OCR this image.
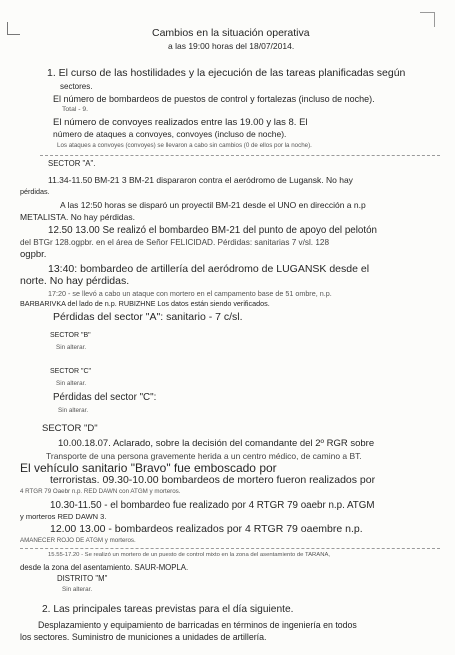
Cambios en la situación operativa
a las 19:00 horas del 18/07/2014.
1. El curso de las hostilidades y la ejecución de las tareas planificadas según
sectores.
El número de bombardeos de puestos de control y fortalezas (incluso de noche).
Total - 9.
El número de convoyes realizados entre las 19.00 y las 8. El
número de ataques a convoyes, convoyes (incluso de noche).
Los ataques a convoyes (convoyes) se llevaron a cabo sin cambios (0 de ellos por la noche).
SECTOR "A".
11.34-11.50 BM-21 3 BM-21 dispararon contra el aeródromo de Lugansk. No hay
pérdidas.
A las 12:50 horas se disparó un proyectil BM-21 desde el UNO en dirección a n.p
METALISTA. No hay pérdidas.
12.50 13.00 Se realizó el bombardeo BM-21 del punto de apoyo del pelotón
del BTGr 128.ogpbr. en el área de Señor FELICIDAD. Pérdidas: sanitarias 7 v/sl. 128
ogpbr.
13:40: bombardeo de artillería del aeródromo de LUGANSK desde el
norte. No hay pérdidas.
17:20 - se llevó a cabo un ataque con mortero en el campamento base de 51 ombre, n.p.
BARBARIVKA del lado de n.p. RUBIZHNE Los datos están siendo verificados.
Pérdidas del sector "A": sanitario - 7 c/sl.
SECTOR "B"
Sin alterar.
SECTOR "C"
Sin alterar.
Pérdidas del sector "C":
Sin alterar.
SECTOR "D"
10.00.18.07. Aclarado, sobre la decisión del comandante del 2º RGR sobre
Transporte de una persona gravemente herida a un centro médico, de camino a BT.
El vehículo sanitario "Bravo" fue emboscado por
terroristas. 09.30-10.00 bombardeos de mortero fueron realizados por
4 RTGR 79 Oaebr n.p. RED DAWN con ATGM y morteros.
10.30-11.50 - el bombardeo fue realizado por 4 RTGR 79 oaebr n.p. ATGM
y morteros RED DAWN 3.
12.00 13.00 - bombardeos realizados por 4 RTGR 79 oaembre n.p.
AMANECER ROJO DE ATGM y morteros.
15.55-17.20 - Se realizó un mortero de un puesto de control mixto en la zona del asentamiento de TARANA,
desde la zona del asentamiento. SAUR-MOPLA.
DISTRITO "M"
Sin alterar.
2. Las principales tareas previstas para el día siguiente.
Desplazamiento y equipamiento de barricadas en términos de ingeniería en todos
los sectores. Suministro de municiones a unidades de artillería.
